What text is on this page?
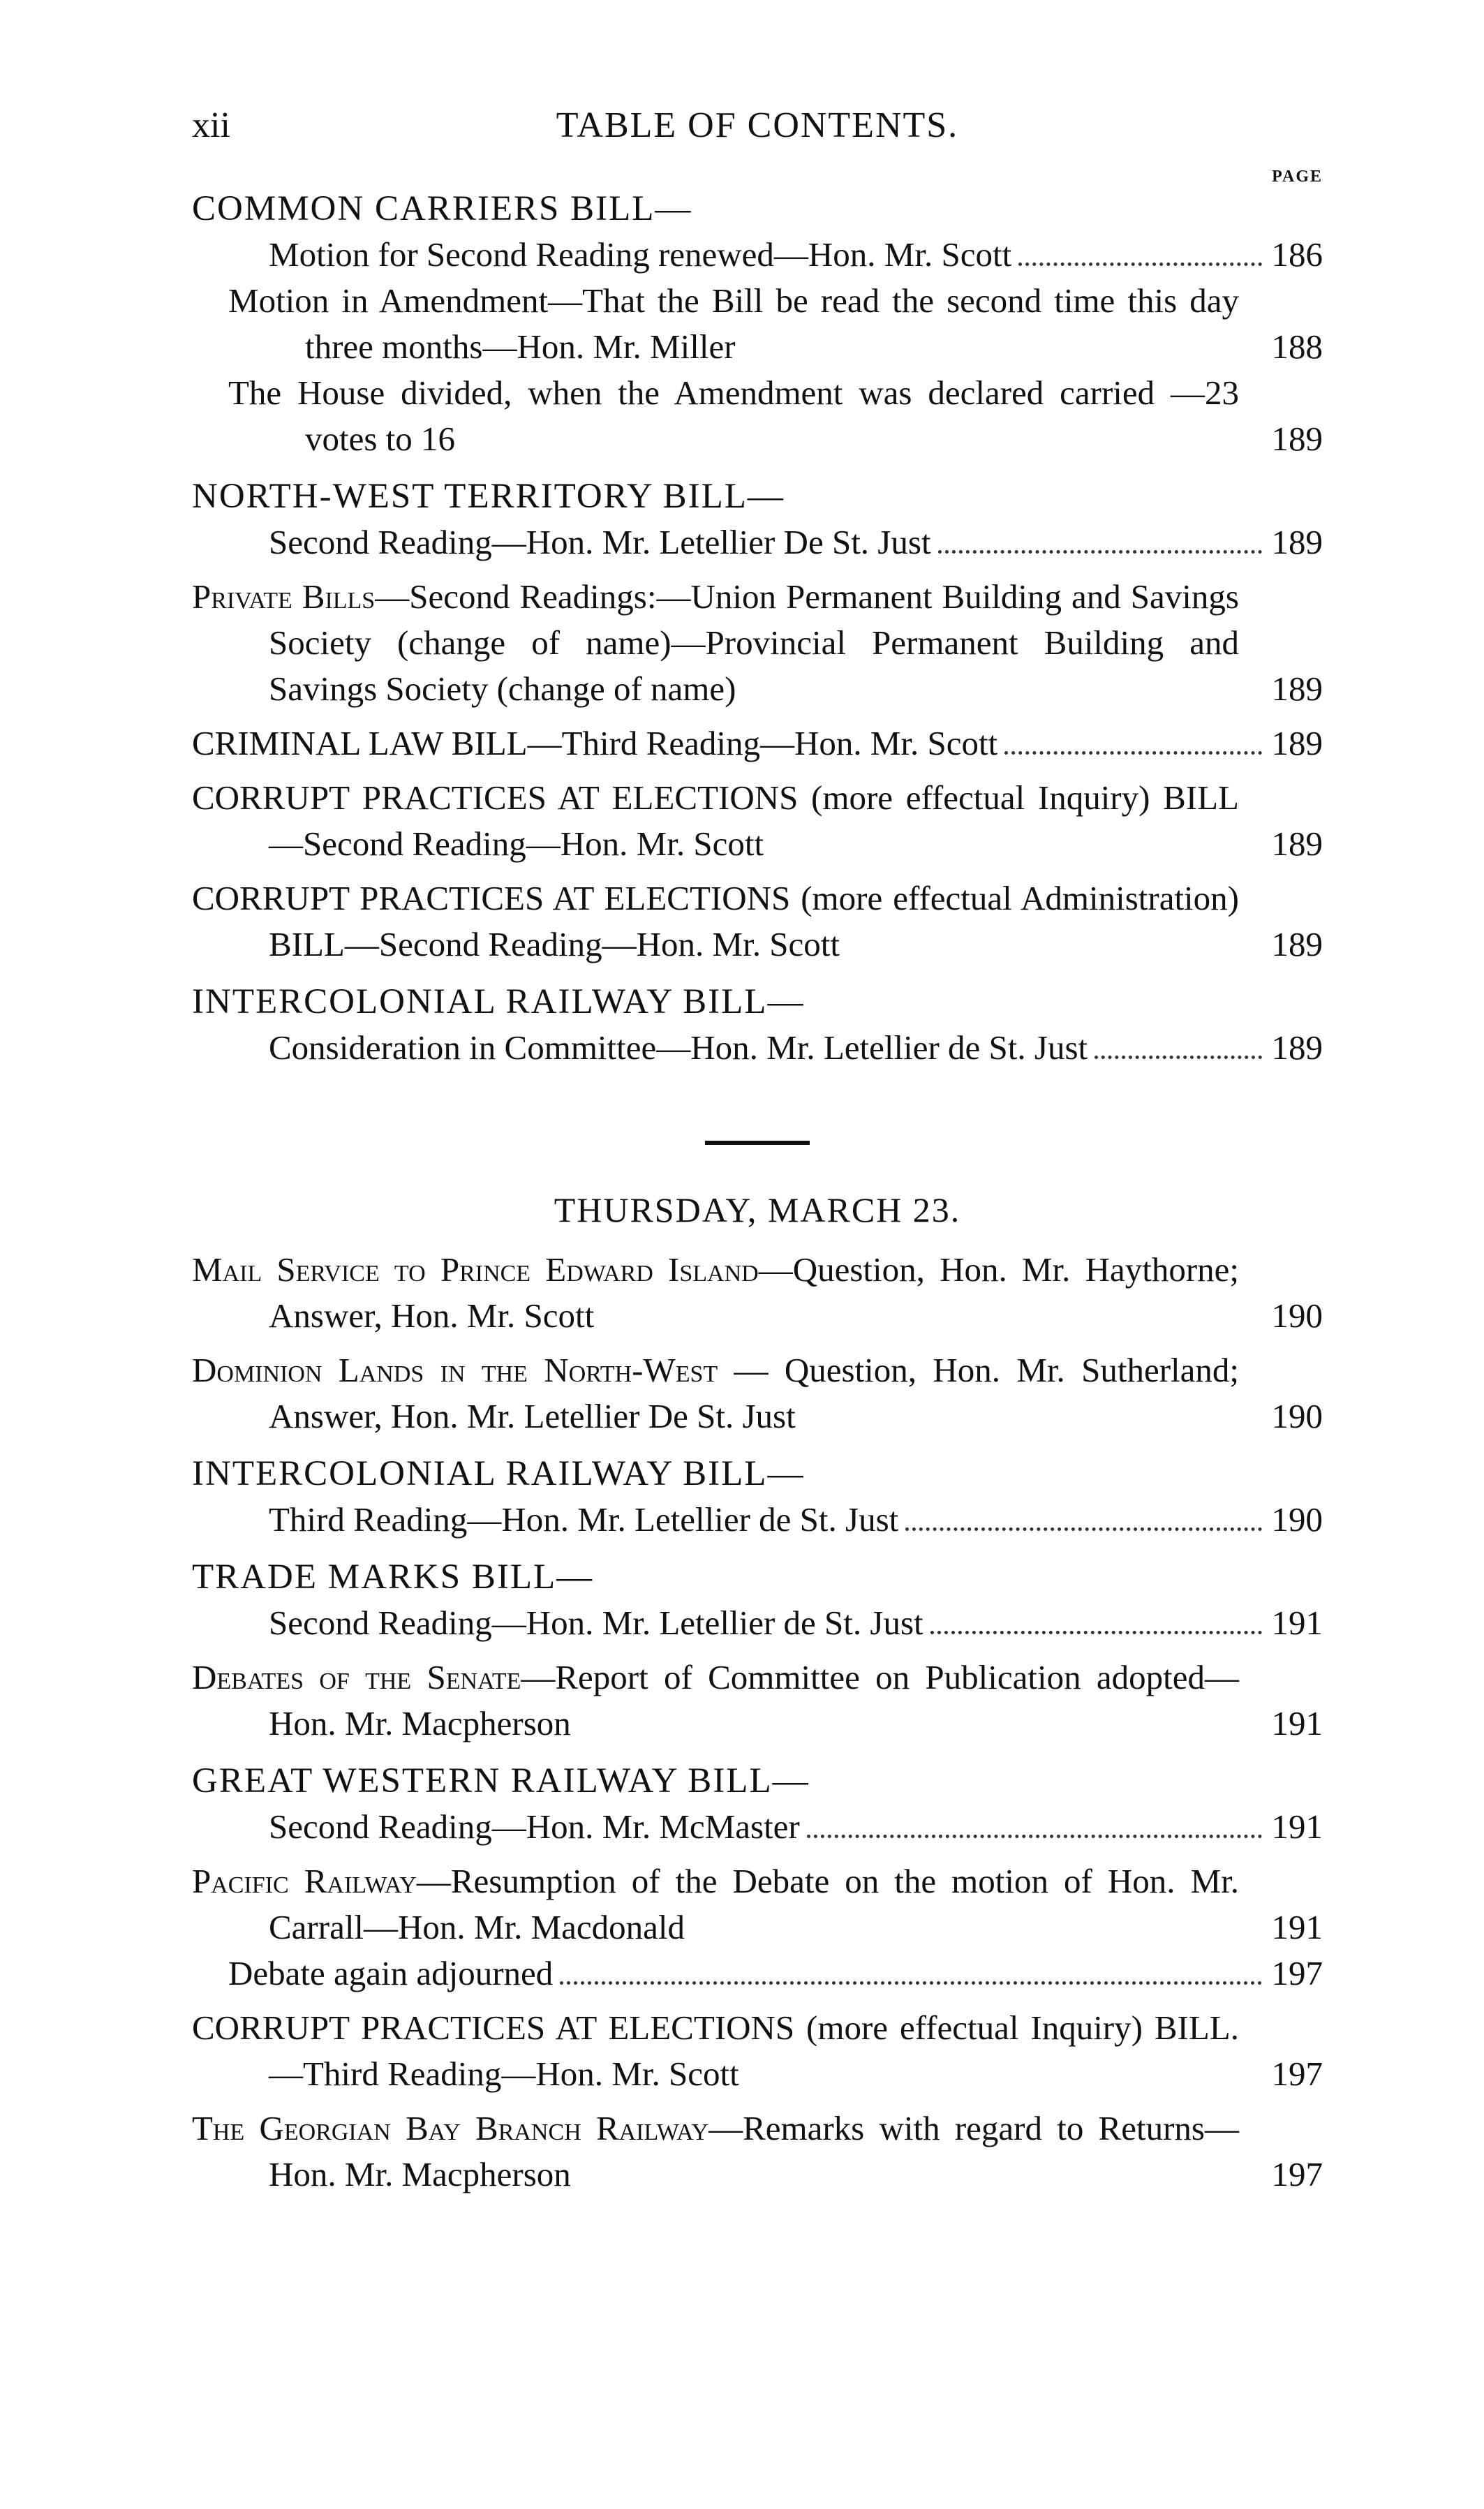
xii	TABLE OF CONTENTS.
PAGE
COMMON CARRIERS BILL—
Motion for Second Reading renewed—Hon. Mr. Scott	186
Motion in Amendment—That the Bill be read the second time this day three months—Hon. Mr. Miller	188
The House divided, when the Amendment was declared carried —23 votes to 16	189
NORTH-WEST TERRITORY BILL—
Second Reading—Hon. Mr. Letellier De St. Just	189
Private Bills—Second Readings:—Union Permanent Building and Savings Society (change of name)—Provincial Permanent Building and Savings Society (change of name)	189
CRIMINAL LAW BILL—Third Reading—Hon. Mr. Scott	189
CORRUPT PRACTICES AT ELECTIONS (more effectual Inquiry) BILL—Second Reading—Hon. Mr. Scott	189
CORRUPT PRACTICES AT ELECTIONS (more effectual Administration) BILL—Second Reading—Hon. Mr. Scott	189
INTERCOLONIAL RAILWAY BILL—
Consideration in Committee—Hon. Mr. Letellier de St. Just	189
THURSDAY, MARCH 23.
Mail Service to Prince Edward Island—Question, Hon. Mr. Haythorne; Answer, Hon. Mr. Scott	190
Dominion Lands in the North-West — Question, Hon. Mr. Sutherland; Answer, Hon. Mr. Letellier De St. Just	190
INTERCOLONIAL RAILWAY BILL—
Third Reading—Hon. Mr. Letellier de St. Just	190
TRADE MARKS BILL—
Second Reading—Hon. Mr. Letellier de St. Just	191
Debates of the Senate—Report of Committee on Publication adopted—Hon. Mr. Macpherson	191
GREAT WESTERN RAILWAY BILL—
Second Reading—Hon. Mr. McMaster	191
Pacific Railway—Resumption of the Debate on the motion of Hon. Mr. Carrall—Hon. Mr. Macdonald	191
Debate again adjourned	197
CORRUPT PRACTICES AT ELECTIONS (more effectual Inquiry) BILL.—Third Reading—Hon. Mr. Scott	197
The Georgian Bay Branch Railway—Remarks with regard to Returns—Hon. Mr. Macpherson	197
